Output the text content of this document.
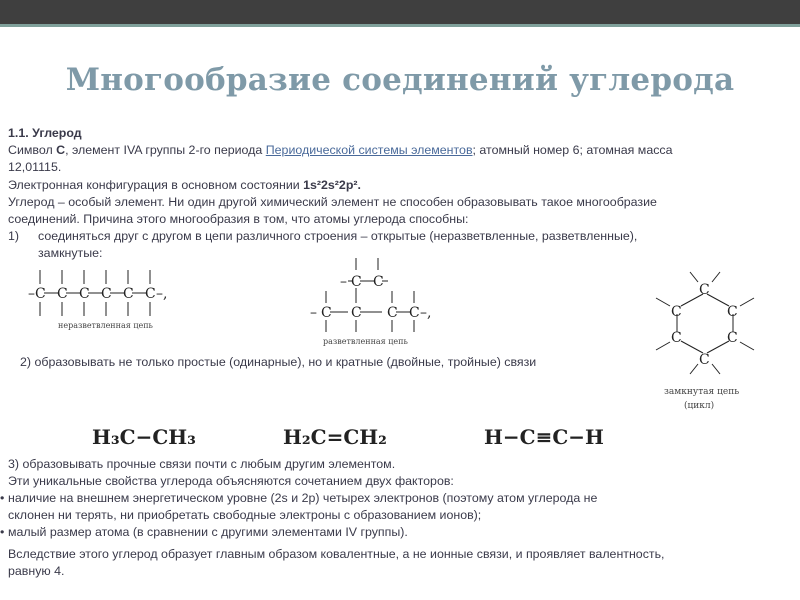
Многообразие соединений углерода
1.1. Углерод
Символ C, элемент IVA группы 2-го периода Периодической системы элементов; атомный номер 6; атомная масса
12,01115.
Электронная конфигурация в основном состоянии 1s²2s²2p².
Углерод – особый элемент. Ни один другой химический элемент не способен образовывать такое многообразие
соединений. Причина этого многообразия в том, что атомы углерода способны:
1) соединяться друг с другом в цепи различного строения – открытые (неразветвленные, разветвленные),
замкнутые:
– C C C C C C –,
неразветвленная цепь
– C C
– C C C C –,
разветвленная цепь
C
C	C
C	C
C
замкнутая цепь
(цикл)
2) образовывать не только простые (одинарные), но и кратные (двойные, тройные) связи
H₃C−CH₃	H₂C=CH₂	H−C≡C−H
3) образовывать прочные связи почти с любым другим элементом.
Эти уникальные свойства углерода объясняются сочетанием двух факторов:
• наличие на внешнем энергетическом уровне (2s и 2p) четырех электронов (поэтому атом углерода не
склонен ни терять, ни приобретать свободные электроны с образованием ионов);
• малый размер атома (в сравнении с другими элементами IV группы).
Вследствие этого углерод образует главным образом ковалентные, а не ионные связи, и проявляет валентность,
равную 4.
